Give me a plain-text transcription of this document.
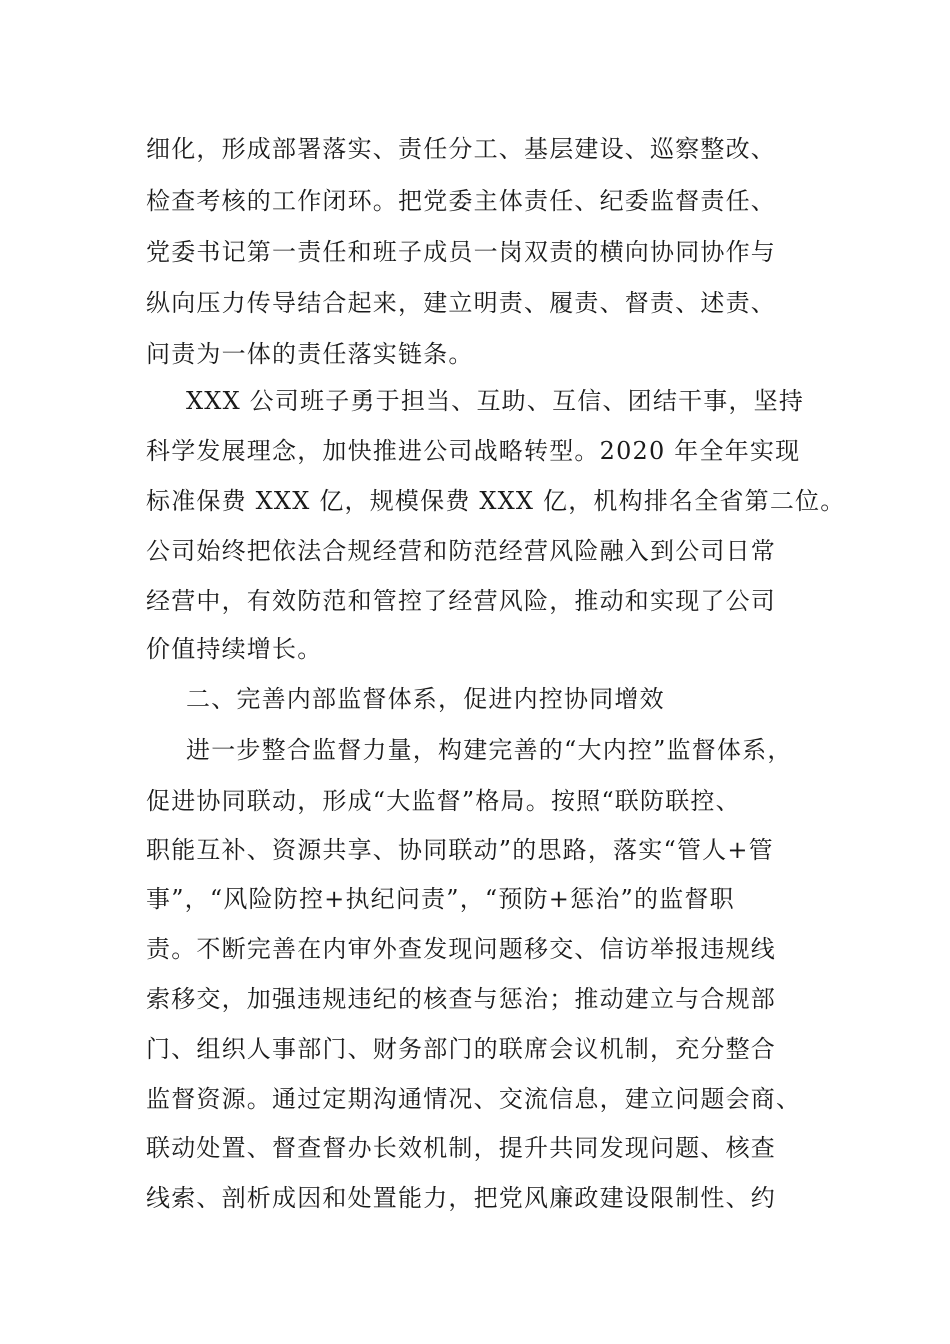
细化，形成部署落实、责任分工、基层建设、巡察整改、
检查考核的工作闭环。把党委主体责任、纪委监督责任、
党委书记第一责任和班子成员一岗双责的横向协同协作与
纵向压力传导结合起来，建立明责、履责、督责、述责、
问责为一体的责任落实链条。
XXX 公司班子勇于担当、互助、互信、团结干事，坚持
科学发展理念，加快推进公司战略转型。2020 年全年实现
标准保费 XXX 亿，规模保费 XXX 亿，机构排名全省第二位。
公司始终把依法合规经营和防范经营风险融入到公司日常
经营中，有效防范和管控了经营风险，推动和实现了公司
价值持续增长。
二、完善内部监督体系，促进内控协同增效
进一步整合监督力量，构建完善的“大内控”监督体系，
促进协同联动，形成“大监督”格局。按照“联防联控、
职能互补、资源共享、协同联动”的思路，落实“管人+管
事”，“风险防控+执纪问责”，“预防+惩治”的监督职
责。不断完善在内审外查发现问题移交、信访举报违规线
索移交，加强违规违纪的核查与惩治；推动建立与合规部
门、组织人事部门、财务部门的联席会议机制，充分整合
监督资源。通过定期沟通情况、交流信息，建立问题会商、
联动处置、督查督办长效机制，提升共同发现问题、核查
线索、剖析成因和处置能力，把党风廉政建设限制性、约
